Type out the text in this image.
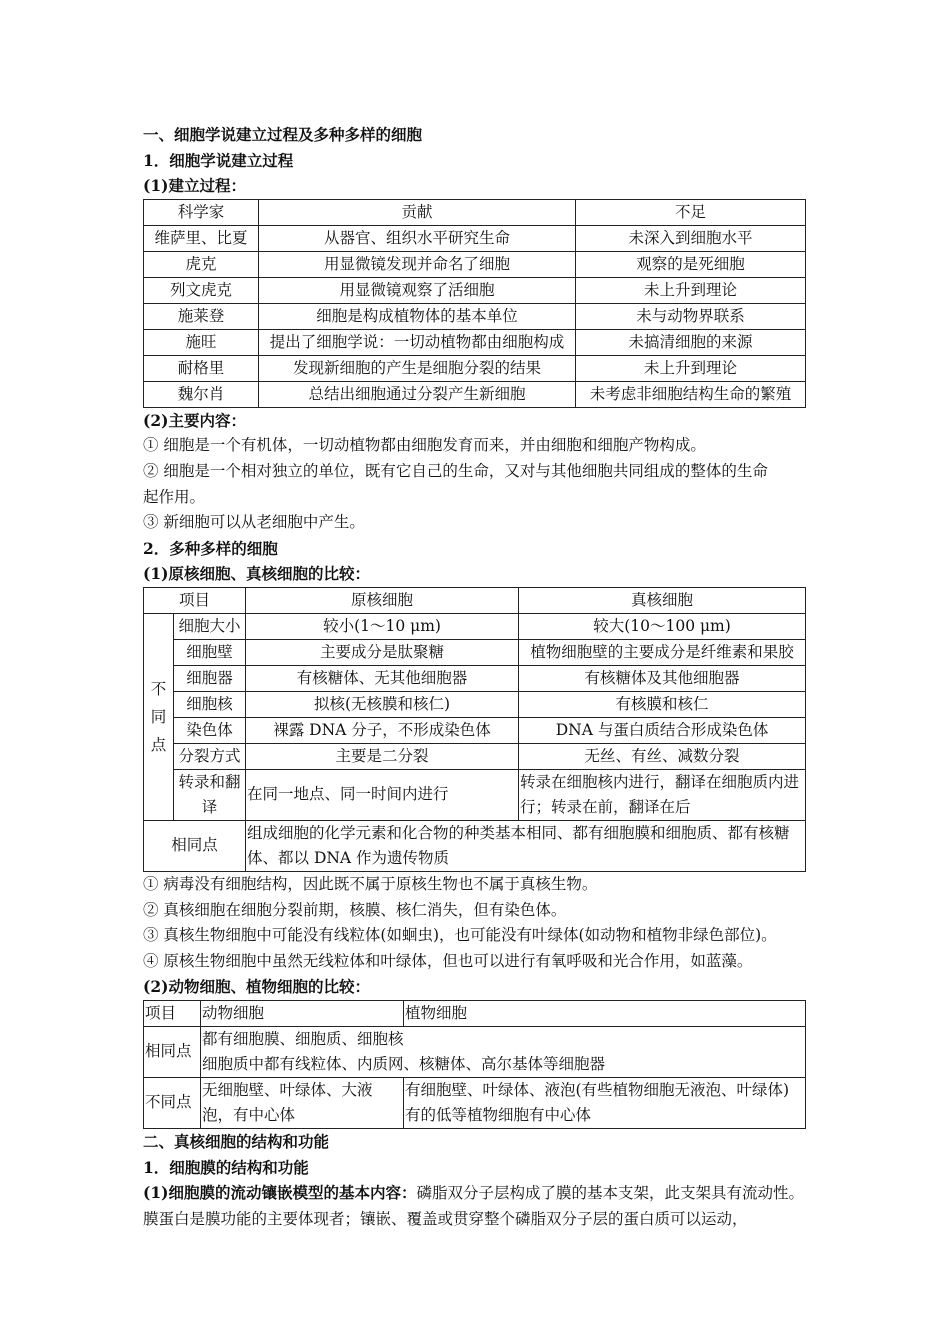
一、细胞学说建立过程及多种多样的细胞
1．细胞学说建立过程
(1)建立过程：
科学家	贡献	不足
维萨里、比夏	从器官、组织水平研究生命	未深入到细胞水平
虎克	用显微镜发现并命名了细胞	观察的是死细胞
列文虎克	用显微镜观察了活细胞	未上升到理论
施莱登	细胞是构成植物体的基本单位	未与动物界联系
施旺	提出了细胞学说：一切动植物都由细胞构成	未搞清细胞的来源
耐格里	发现新细胞的产生是细胞分裂的结果	未上升到理论
魏尔肖	总结出细胞通过分裂产生新细胞	未考虑非细胞结构生命的繁殖
(2)主要内容：
① 细胞是一个有机体，一切动植物都由细胞发育而来，并由细胞和细胞产物构成。
② 细胞是一个相对独立的单位，既有它自己的生命，又对与其他细胞共同组成的整体的生命
起作用。
③ 新细胞可以从老细胞中产生。
2．多种多样的细胞
(1)原核细胞、真核细胞的比较：
项目		原核细胞	真核细胞

不同点	细胞大小	较小(1～10 μm)	较大(10～100 μm)
	细胞壁	主要成分是肽聚糖	植物细胞壁的主要成分是纤维素和果胶
	细胞器	有核糖体、无其他细胞器	有核糖体及其他细胞器
	细胞核	拟核(无核膜和核仁)	有核膜和核仁
	染色体	裸露 DNA 分子，不形成染色体	DNA 与蛋白质结合形成染色体
	分裂方式	主要是二分裂	无丝、有丝、减数分裂
	转录和翻译	在同一地点、同一时间内进行	转录在细胞核内进行，翻译在细胞质内进行；转录在前，翻译在后
相同点		组成细胞的化学元素和化合物的种类基本相同、都有细胞膜和细胞质、都有核糖体、都以 DNA 作为遗传物质	
① 病毒没有细胞结构，因此既不属于原核生物也不属于真核生物。
② 真核细胞在细胞分裂前期，核膜、核仁消失，但有染色体。
③ 真核生物细胞中可能没有线粒体(如蛔虫)，也可能没有叶绿体(如动物和植物非绿色部位)。
④ 原核生物细胞中虽然无线粒体和叶绿体，但也可以进行有氧呼吸和光合作用，如蓝藻。
(2)动物细胞、植物细胞的比较：
项目	动物细胞	植物细胞
相同点	都有细胞膜、细胞质、细胞核
细胞质中都有线粒体、内质网、核糖体、高尔基体等细胞器	

不同点	无细胞壁、叶绿体、大液泡，有中心体	有细胞壁、叶绿体、液泡(有些植物细胞无液泡、叶绿体)有的低等植物细胞有中心体
二、真核细胞的结构和功能
1．细胞膜的结构和功能
(1)细胞膜的流动镶嵌模型的基本内容：磷脂双分子层构成了膜的基本支架，此支架具有流动性。膜蛋白是膜功能的主要体现者；镶嵌、覆盖或贯穿整个磷脂双分子层的蛋白质可以运动，
